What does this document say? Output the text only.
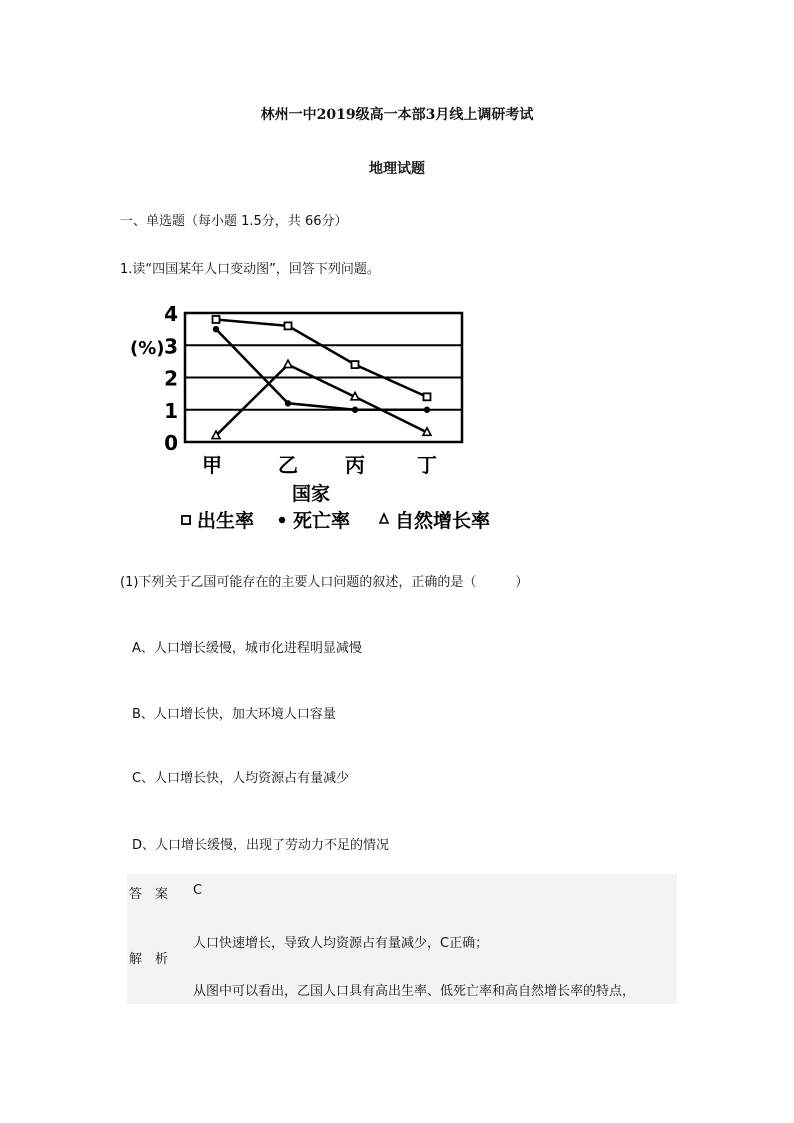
林州一中2019级高一本部3月线上调研考试
地理试题
一、单选题（每小题 1.5分，共 66分）
1.读“四国某年人口变动图”，回答下列问题。
0
1
2
3
4
(%)
甲	乙 丙	丁
国家
出生率 死亡率 自然增长率
(1)下列关于乙国可能存在的主要人口问题的叙述，正确的是（　　　）
A、人口增长缓慢，城市化进程明显减慢
B、人口增长快，加大环境人口容量
C、人口增长快，人均资源占有量减少
D、人口增长缓慢，出现了劳动力不足的情况
答案 C
解析
人口快速增长，导致人均资源占有量减少，C正确；
从图中可以看出，乙国人口具有高出生率、低死亡率和高自然增长率的特点，
